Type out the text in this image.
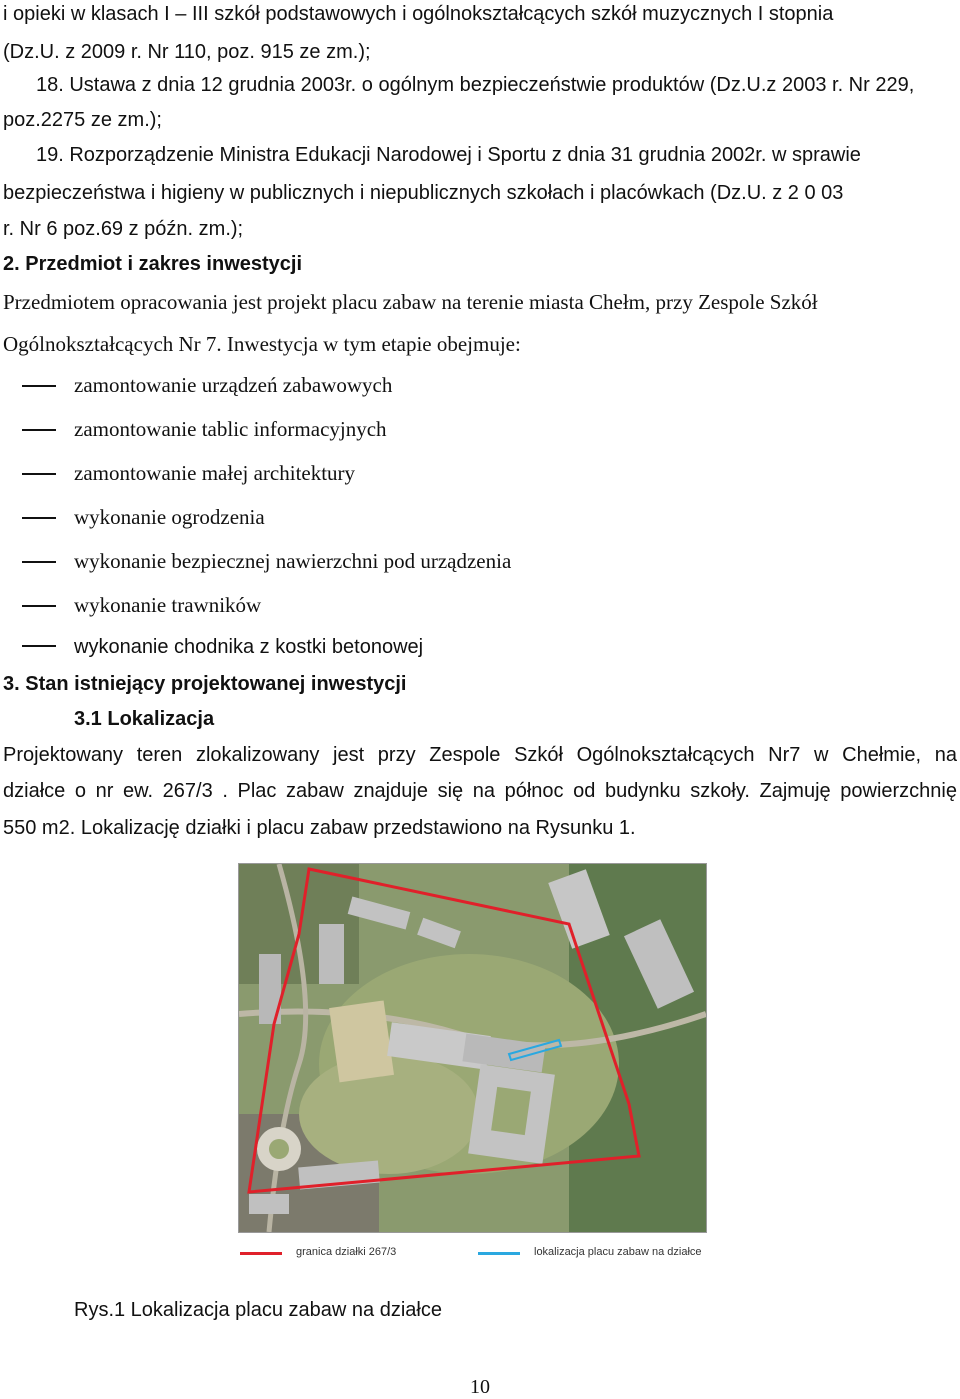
i opieki w klasach I – III szkół podstawowych i ogólnokształcących szkół muzycznych I stopnia
(Dz.U. z 2009 r. Nr 110, poz. 915 ze zm.);
18. Ustawa z dnia 12 grudnia 2003r. o ogólnym bezpieczeństwie produktów (Dz.U.z 2003 r. Nr 229,
poz.2275 ze zm.);
19. Rozporządzenie Ministra Edukacji Narodowej i Sportu z dnia 31 grudnia 2002r. w sprawie
bezpieczeństwa i higieny w publicznych i niepublicznych szkołach i placówkach (Dz.U. z 2 0 03
r. Nr 6 poz.69 z późn. zm.);
2. Przedmiot i zakres inwestycji
Przedmiotem opracowania jest projekt placu zabaw na terenie miasta Chełm, przy Zespole Szkół
Ogólnokształcących Nr 7. Inwestycja w tym etapie obejmuje:
zamontowanie urządzeń zabawowych
zamontowanie tablic informacyjnych
zamontowanie małej architektury
wykonanie ogrodzenia
wykonanie bezpiecznej nawierzchni pod urządzenia
wykonanie trawników
wykonanie chodnika z kostki betonowej
3. Stan istniejący projektowanej inwestycji
3.1 Lokalizacja
Projektowany teren zlokalizowany jest przy Zespole Szkół Ogólnokształcących Nr7 w Chełmie, na
działce o nr ew. 267/3 . Plac zabaw znajduje się na północ od budynku szkoły. Zajmuję powierzchnię
550 m2. Lokalizację działki i placu zabaw przedstawiono na Rysunku 1.
granica działki 267/3	lokalizacja placu zabaw na działce
Rys.1 Lokalizacja placu zabaw na działce
10
